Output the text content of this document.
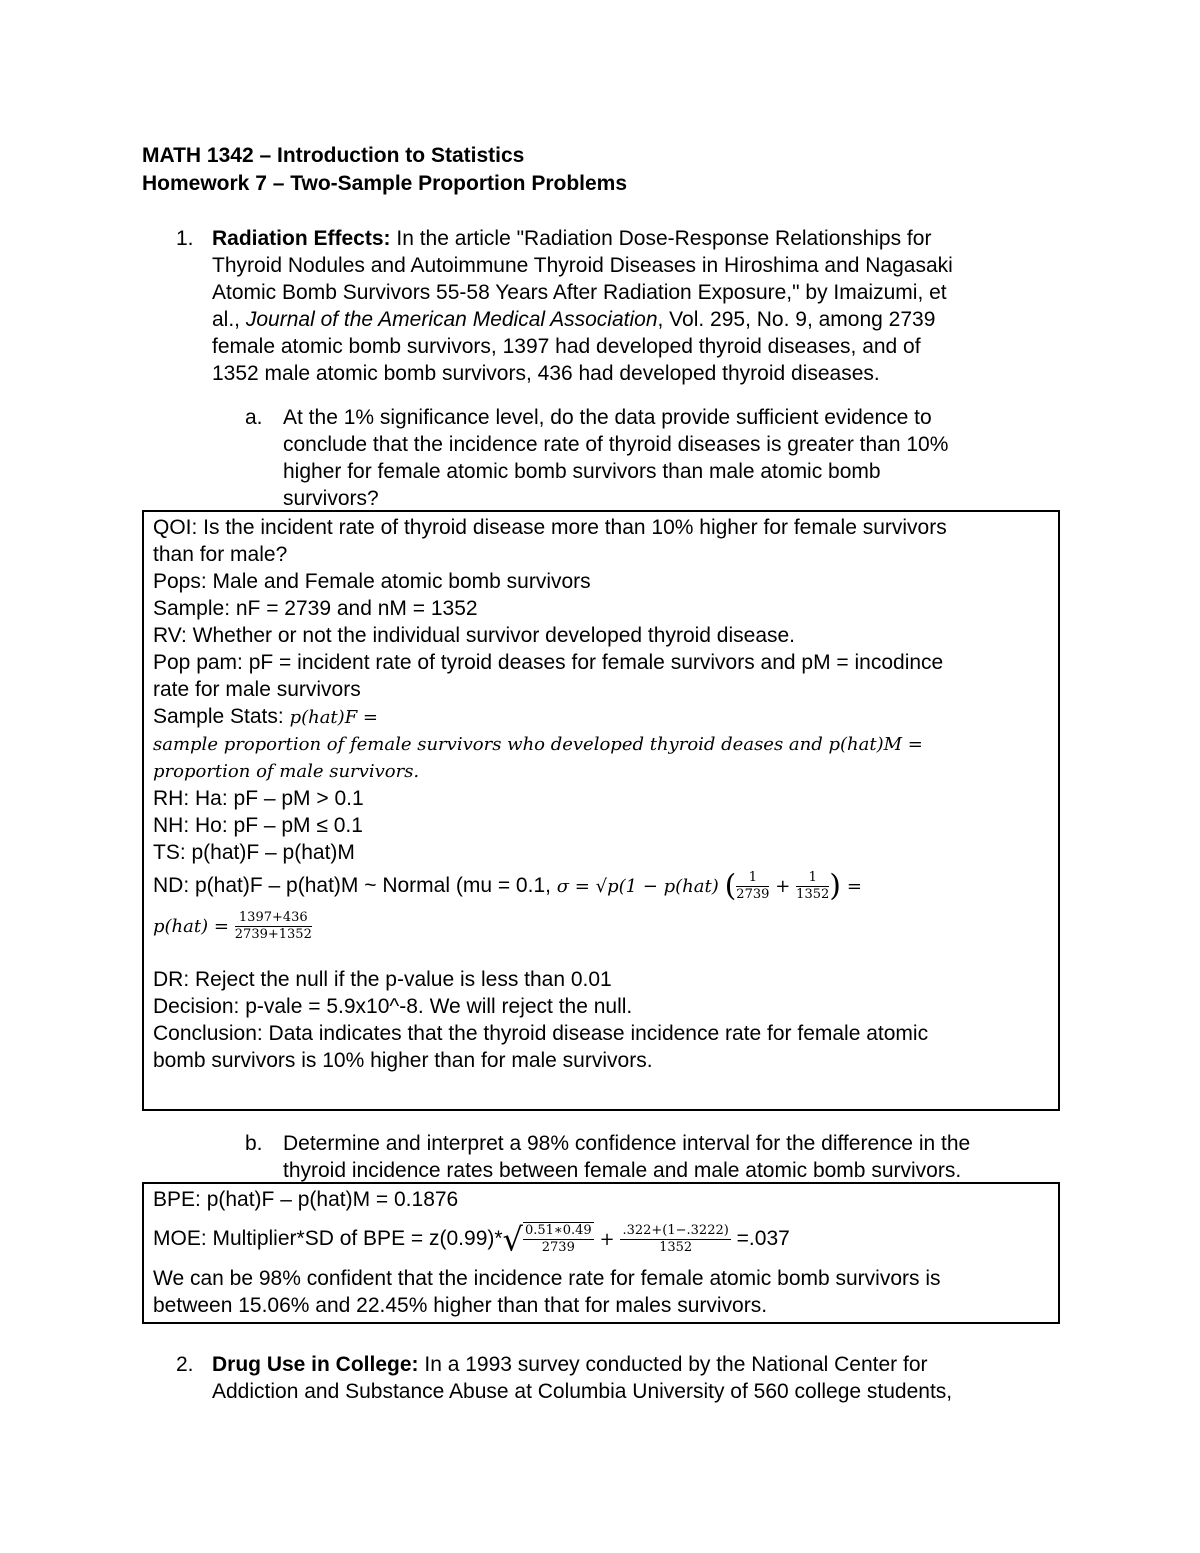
MATH 1342 – Introduction to Statistics
Homework 7 – Two-Sample Proportion Problems
1. Radiation Effects: In the article "Radiation Dose-Response Relationships for
Thyroid Nodules and Autoimmune Thyroid Diseases in Hiroshima and Nagasaki
Atomic Bomb Survivors 55-58 Years After Radiation Exposure," by Imaizumi, et
al., Journal of the American Medical Association, Vol. 295, No. 9, among 2739
female atomic bomb survivors, 1397 had developed thyroid diseases, and of
1352 male atomic bomb survivors, 436 had developed thyroid diseases.
a. At the 1% significance level, do the data provide sufficient evidence to
conclude that the incidence rate of thyroid diseases is greater than 10%
higher for female atomic bomb survivors than male atomic bomb
survivors?
QOI: Is the incident rate of thyroid disease more than 10% higher for female survivors
than for male?
Pops: Male and Female atomic bomb survivors
Sample: nF = 2739 and nM = 1352
RV: Whether or not the individual survivor developed thyroid disease.
Pop pam: pF = incident rate of tyroid deases for female survivors and pM = incodince
rate for male survivors
Sample Stats: p(hat)F =
sample proportion of female survivors who developed thyroid deases and p(hat)M =
proportion of male survivors.
RH: Ha: pF – pM > 0.1
NH: Ho: pF – pM ≤ 0.1
TS: p(hat)F – p(hat)M
ND: p(hat)F – p(hat)M ~ Normal (mu = 0.1, σ = √p(1 − p(hat) ( $\frac{1}{2739} + \frac{1}{1352}$ ) =
$p(hat) = \frac{1397+436}{2739+1352}$
DR: Reject the null if the p-value is less than 0.01
Decision: p-vale = 5.9x10^-8. We will reject the null.
Conclusion: Data indicates that the thyroid disease incidence rate for female atomic
bomb survivors is 10% higher than for male survivors.
b. Determine and interpret a 98% confidence interval for the difference in the
thyroid incidence rates between female and male atomic bomb survivors.
BPE: p(hat)F – p(hat)M = 0.1876
MOE: Multiplier*SD of BPE = $z(0.99)*√ \frac{0.51∗0.49}{2739} + \frac{.322+(1-.3222)}{1352} =.037$
We can be 98% confident that the incidence rate for female atomic bomb survivors is
between 15.06% and 22.45% higher than that for males survivors.
2. Drug Use in College: In a 1993 survey conducted by the National Center for
Addiction and Substance Abuse at Columbia University of 560 college students,
